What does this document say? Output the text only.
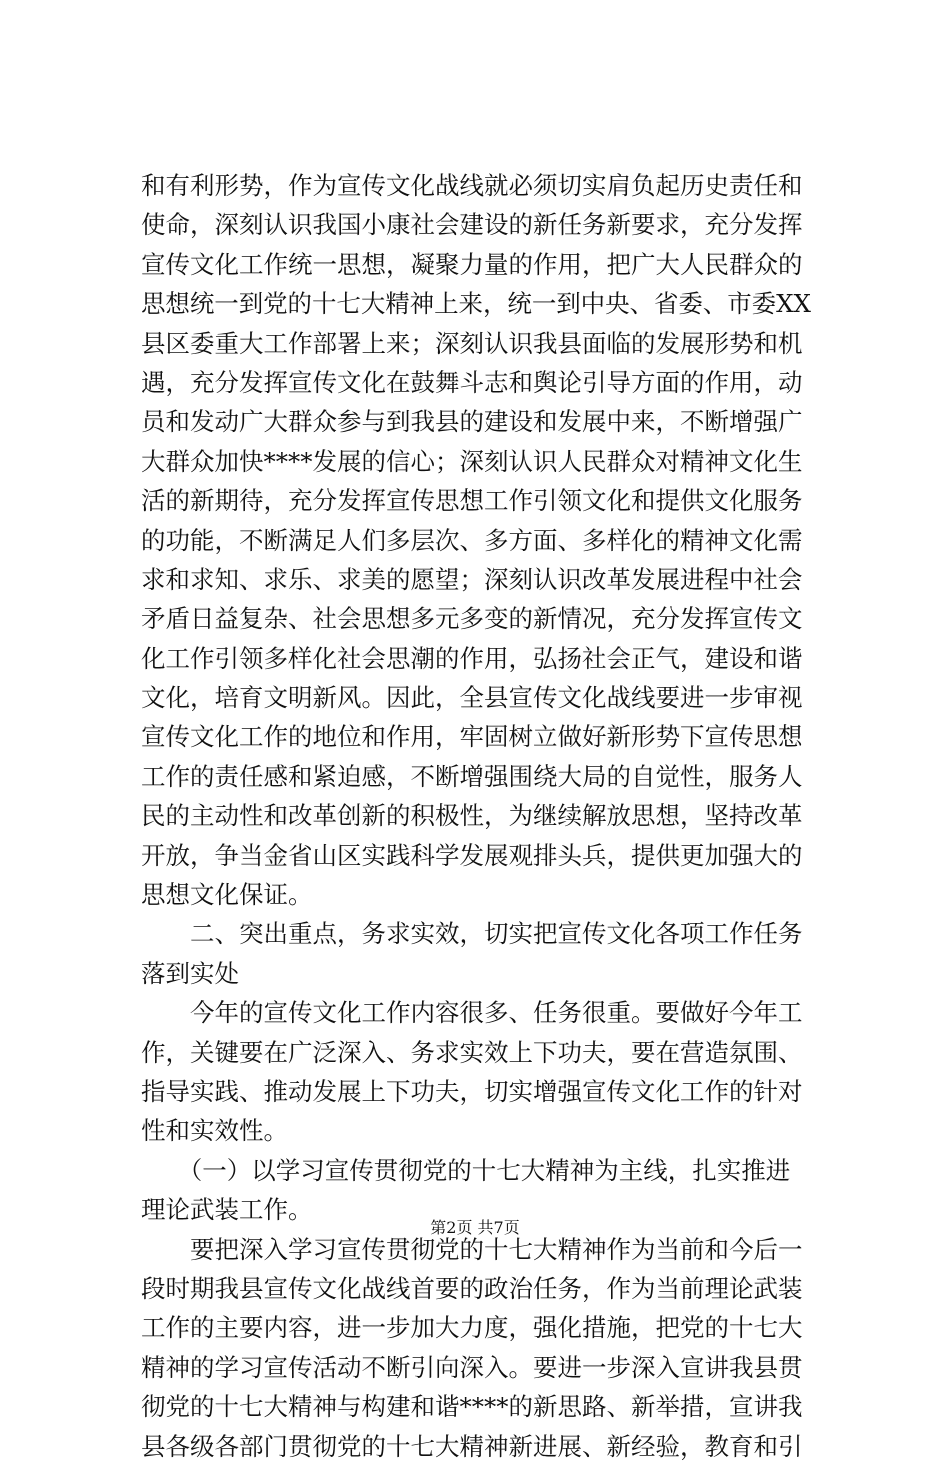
和有利形势，作为宣传文化战线就必须切实肩负起历史责任和
使命，深刻认识我国小康社会建设的新任务新要求，充分发挥
宣传文化工作统一思想，凝聚力量的作用，把广大人民群众的
思想统一到党的十七大精神上来，统一到中央、省委、市委XX
县区委重大工作部署上来；深刻认识我县面临的发展形势和机
遇，充分发挥宣传文化在鼓舞斗志和舆论引导方面的作用，动
员和发动广大群众参与到我县的建设和发展中来，不断增强广
大群众加快****发展的信心；深刻认识人民群众对精神文化生
活的新期待，充分发挥宣传思想工作引领文化和提供文化服务
的功能，不断满足人们多层次、多方面、多样化的精神文化需
求和求知、求乐、求美的愿望；深刻认识改革发展进程中社会
矛盾日益复杂、社会思想多元多变的新情况，充分发挥宣传文
化工作引领多样化社会思潮的作用，弘扬社会正气，建设和谐
文化，培育文明新风。因此，全县宣传文化战线要进一步审视
宣传文化工作的地位和作用，牢固树立做好新形势下宣传思想
工作的责任感和紧迫感，不断增强围绕大局的自觉性，服务人
民的主动性和改革创新的积极性，为继续解放思想，坚持改革
开放，争当金省山区实践科学发展观排头兵，提供更加强大的
思想文化保证。
　　二、突出重点，务求实效，切实把宣传文化各项工作任务
落到实处
　　今年的宣传文化工作内容很多、任务很重。要做好今年工
作，关键要在广泛深入、务求实效上下功夫，要在营造氛围、
指导实践、推动发展上下功夫，切实增强宣传文化工作的针对
性和实效性。
　　（一）以学习宣传贯彻党的十七大精神为主线，扎实推进
理论武装工作。
　　要把深入学习宣传贯彻党的十七大精神作为当前和今后一
段时期我县宣传文化战线首要的政治任务，作为当前理论武装
工作的主要内容，进一步加大力度，强化措施，把党的十七大
精神的学习宣传活动不断引向深入。要进一步深入宣讲我县贯
彻党的十七大精神与构建和谐****的新思路、新举措，宣讲我
县各级各部门贯彻党的十七大精神新进展、新经验，教育和引
第2页 共7页
